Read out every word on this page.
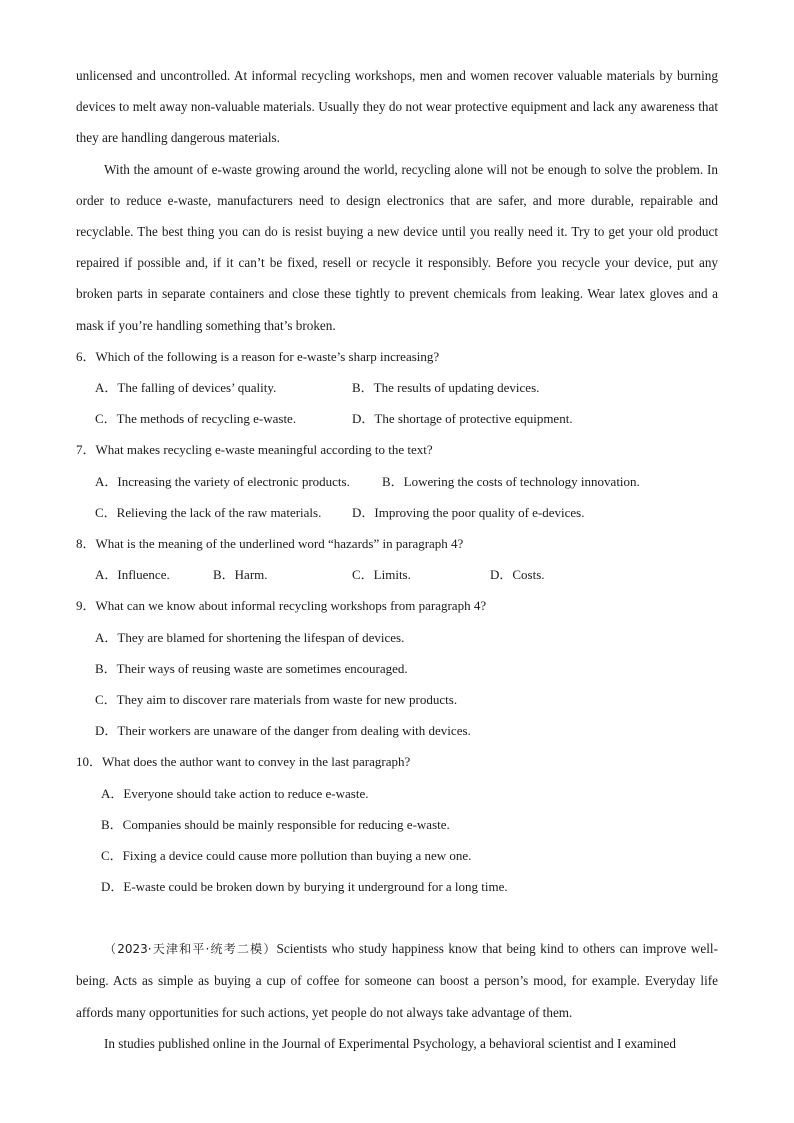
unlicensed and uncontrolled. At informal recycling workshops, men and women recover valuable materials by burning devices to melt away non-valuable materials. Usually they do not wear protective equipment and lack any awareness that they are handling dangerous materials.

With the amount of e-waste growing around the world, recycling alone will not be enough to solve the problem. In order to reduce e-waste, manufacturers need to design electronics that are safer, and more durable, repairable and recyclable. The best thing you can do is resist buying a new device until you really need it. Try to get your old product repaired if possible and, if it can’t be fixed, resell or recycle it responsibly. Before you recycle your device, put any broken parts in separate containers and close these tightly to prevent chemicals from leaking. Wear latex gloves and a mask if you’re handling something that’s broken.

6．Which of the following is a reason for e-waste’s sharp increasing?

A．The falling of devices’ quality.	B．The results of updating devices.
C．The methods of recycling e-waste.	D．The shortage of protective equipment.

7．What makes recycling e-waste meaningful according to the text?

A．Increasing the variety of electronic products. B．Lowering the costs of technology innovation.
C．Relieving the lack of the raw materials. D．Improving the poor quality of e-devices.

8．What is the meaning of the underlined word “hazards” in paragraph 4?

A．Influence.	B．Harm.	C．Limits.	D．Costs.

9．What can we know about informal recycling workshops from paragraph 4?

A．They are blamed for shortening the lifespan of devices.
B．Their ways of reusing waste are sometimes encouraged.
C．They aim to discover rare materials from waste for new products.
D．Their workers are unaware of the danger from dealing with devices.

10．What does the author want to convey in the last paragraph?

A．Everyone should take action to reduce e-waste.
B．Companies should be mainly responsible for reducing e-waste.
C．Fixing a device could cause more pollution than buying a new one.
D．E-waste could be broken down by burying it underground for a long time.

（2023·天津和平·统考二模）Scientists who study happiness know that being kind to others can improve well-being. Acts as simple as buying a cup of coffee for someone can boost a person’s mood, for example. Everyday life affords many opportunities for such actions, yet people do not always take advantage of them.

In studies published online in the Journal of Experimental Psychology, a behavioral scientist and I examined
